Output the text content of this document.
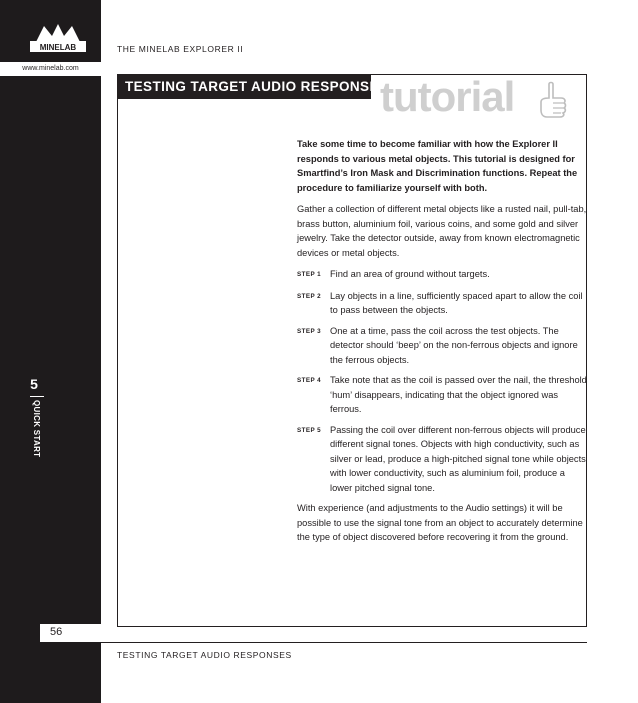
MINELAB
www.minelab.com
5
QUICK START
56
THE MINELAB EXPLORER II
TESTING TARGET AUDIO RESPONSES
tutorial

Take some time to become familiar with how the Explorer II responds to various metal objects. This tutorial is designed for Smartfind’s Iron Mask and Discrimination functions. Repeat the procedure to familiarize yourself with both.

Gather a collection of different metal objects like a rusted nail, pull-tab, brass button, aluminium foil, various coins, and some gold and silver jewelry. Take the detector outside, away from known electromagnetic devices or metal objects.

STEP 1 Find an area of ground without targets.
STEP 2 Lay objects in a line, sufficiently spaced apart to allow the coil to pass between the objects.
STEP 3 One at a time, pass the coil across the test objects. The detector should ‘beep’ on the non-ferrous objects and ignore the ferrous objects.
STEP 4 Take note that as the coil is passed over the nail, the threshold ‘hum’ disappears, indicating that the object ignored was ferrous.
STEP 5 Passing the coil over different non-ferrous objects will produce different signal tones. Objects with high conductivity, such as silver or lead, produce a high-pitched signal tone while objects with lower conductivity, such as aluminium foil, produce a lower pitched signal tone.

With experience (and adjustments to the Audio settings) it will be possible to use the signal tone from an object to accurately determine the type of object discovered before recovering it from the ground.

TESTING TARGET AUDIO RESPONSES
